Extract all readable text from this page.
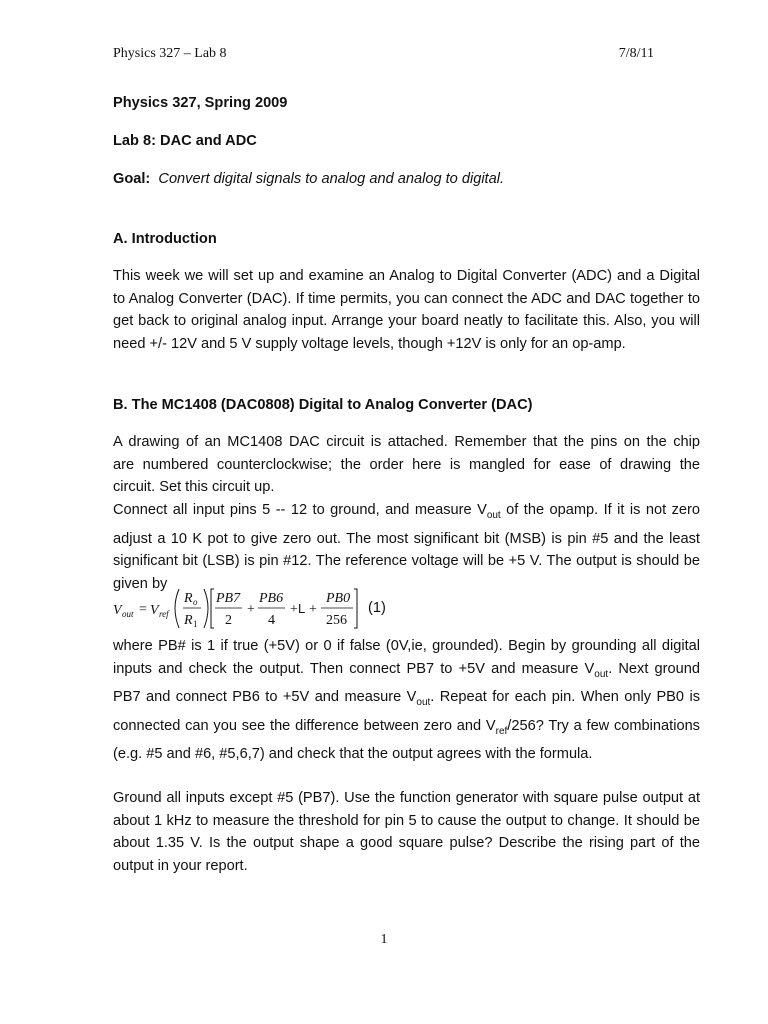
Physics 327 – Lab 8	7/8/11
Physics 327, Spring 2009
Lab 8: DAC and ADC
Goal: Convert digital signals to analog and analog to digital.
A. Introduction

This week we will set up and examine an Analog to Digital Converter (ADC) and a Digital to Analog Converter (DAC). If time permits, you can connect the ADC and DAC together to get back to original analog input. Arrange your board neatly to facilitate this. Also, you will need +/- 12V and 5 V supply voltage levels, though +12V is only for an op-amp.

B. The MC1408 (DAC0808) Digital to Analog Converter (DAC)
A drawing of an MC1408 DAC circuit is attached. Remember that the pins on the chip
are numbered counterclockwise; the order here is mangled for ease of drawing the
circuit. Set this circuit up.

Connect all input pins 5 -- 12 to ground, and measure $V_{out}$ of the opamp. If it is not zero adjust a 10 K pot to give zero out. The most significant bit (MSB) is pin #5 and the least significant bit (LSB) is pin #12. The reference voltage will be +5 V. The output is should be given by

V out = V ref
R o
R 1
PB7
2
+
PB6
4
+ L +
PB0
256
(1)

where PB# is 1 if true (+5V) or 0 if false (0V,ie, grounded). Begin by grounding all digital inputs and check the output. Then connect PB7 to +5V and measure $V_{out}$. Next ground PB7 and connect PB6 to +5V and measure $V_{out}$. Repeat for each pin. When only PB0 is connected can you see the difference between zero and $V_{ref}/256$? Try a few combinations (e.g. #5 and #6, #5,6,7) and check that the output agrees with the formula.

Ground all inputs except #5 (PB7). Use the function generator with square pulse output at about 1 kHz to measure the threshold for pin 5 to cause the output to change. It should be about 1.35 V. Is the output shape a good square pulse? Describe the rising part of the output in your report.

1
